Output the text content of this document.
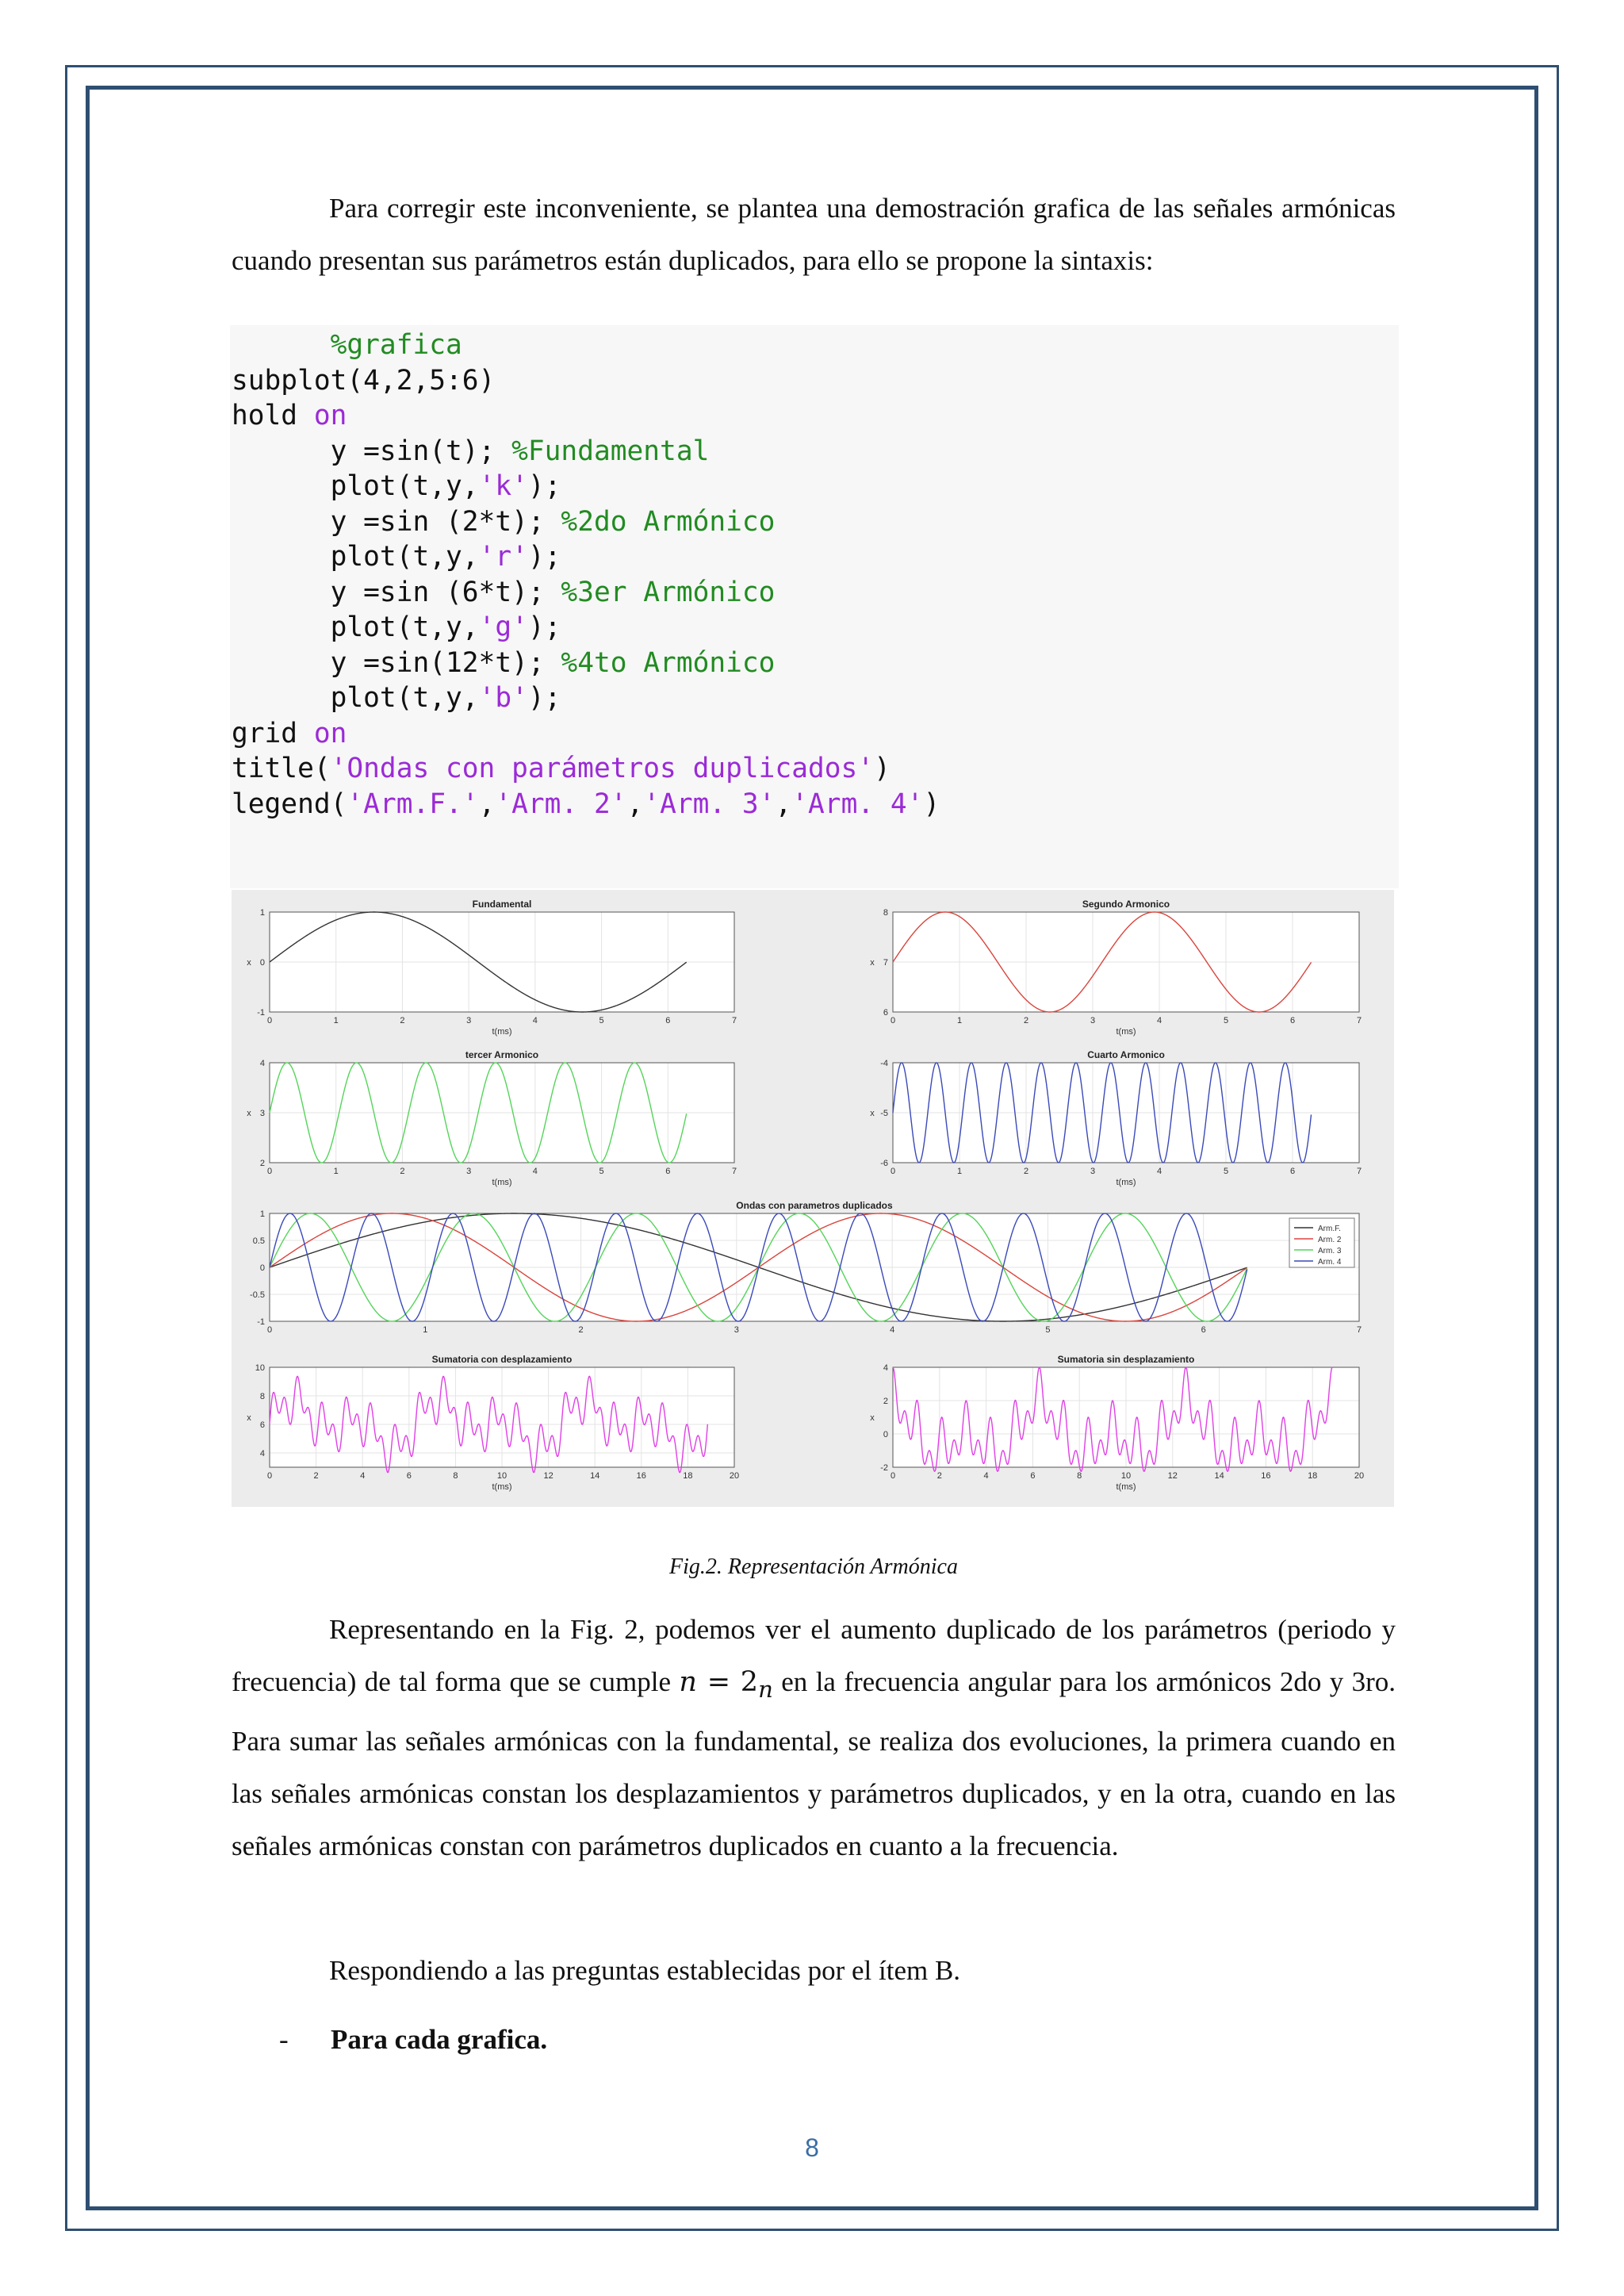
Para corregir este inconveniente, se plantea una demostración grafica de las señales armónicas cuando presentan sus parámetros están duplicados, para ello se propone la sintaxis:

%grafica
subplot(4,2,5:6)
hold on
y =sin(t); %Fundamental
plot(t,y,'k');
y =sin (2*t); %2do Armónico
plot(t,y,'r');
y =sin (6*t); %3er Armónico
plot(t,y,'g');
y =sin(12*t); %4to Armónico
plot(t,y,'b');
grid on
title('Ondas con parámetros duplicados')
legend('Arm.F.','Arm. 2','Arm. 3','Arm. 4')
0	1	2	3	4	5	6	7
-1
0
1
Fundamental
t(ms)
x
0	1	2	3	4	5	6	7
6
7
8
Segundo Armonico
t(ms)
x
0	1	2	3	4	5	6	7
2
3
4
tercer Armonico
t(ms)
x
0	1	2	3	4	5	6	7
-6
-5
-4
Cuarto Armonico
t(ms)
x
0	1	2	3	4	5	6	7
-1
-0.5
0
0.5
1
Ondas con parametros duplicados
Arm.F.
Arm. 2
Arm. 3
Arm. 4
0	2	4	6	8	10	12	14	16	18	20
4
6
8
10
Sumatoria con desplazamiento
t(ms)
x
0	2	4	6	8	10	12	14	16	18	20
-2
0
2
4
Sumatoria sin desplazamiento
t(ms)
x
Fig.2. Representación Armónica

Representando en la Fig. 2, podemos ver el aumento duplicado de los parámetros (periodo y frecuencia) de tal forma que se cumple $n = 2_n$ en la frecuencia angular para los armónicos 2do y 3ro. Para sumar las señales armónicas con la fundamental, se realiza dos evoluciones, la primera cuando en las señales armónicas constan los desplazamientos y parámetros duplicados, y en la otra, cuando en las señales armónicas constan con parámetros duplicados en cuanto a la frecuencia.

Respondiendo a las preguntas establecidas por el ítem B.

- Para cada grafica.
8
